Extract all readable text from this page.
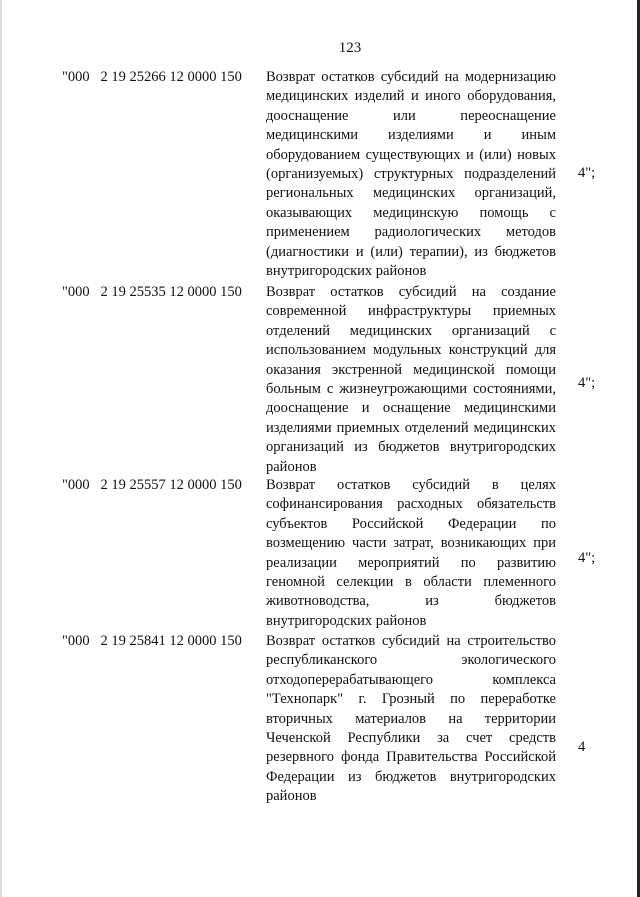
123
"000   2 19 25266 12 0000 150 Возврат остатков субсидий на модернизацию медицинских изделий и иного оборудования, дооснащение или переоснащение медицинскими изделиями и иным оборудованием существующих и (или) новых (организуемых) структурных подразделений региональных медицинских организаций, оказывающих медицинскую помощь с применением радиологических методов (диагностики и (или) терапии), из бюджетов внутригородских районов
4";
"000   2 19 25535 12 0000 150 Возврат остатков субсидий на создание современной инфраструктуры приемных отделений медицинских организаций с использованием модульных конструкций для оказания экстренной медицинской помощи больным с жизнеугрожающими состояниями, дооснащение и оснащение медицинскими изделиями приемных отделений медицинских организаций из бюджетов внутригородских районов
4";
"000   2 19 25557 12 0000 150 Возврат остатков субсидий в целях софинансирования расходных обязательств субъектов Российской Федерации по возмещению части затрат, возникающих при реализации мероприятий по развитию геномной селекции в области племенного животноводства, из бюджетов внутригородских районов
4";
"000   2 19 25841 12 0000 150 Возврат остатков субсидий на строительство республиканского экологического отходоперерабатывающего комплекса "Технопарк" г. Грозный по переработке вторичных материалов на территории Чеченской Республики за счет средств резервного фонда Правительства Российской Федерации из бюджетов внутригородских районов
4
